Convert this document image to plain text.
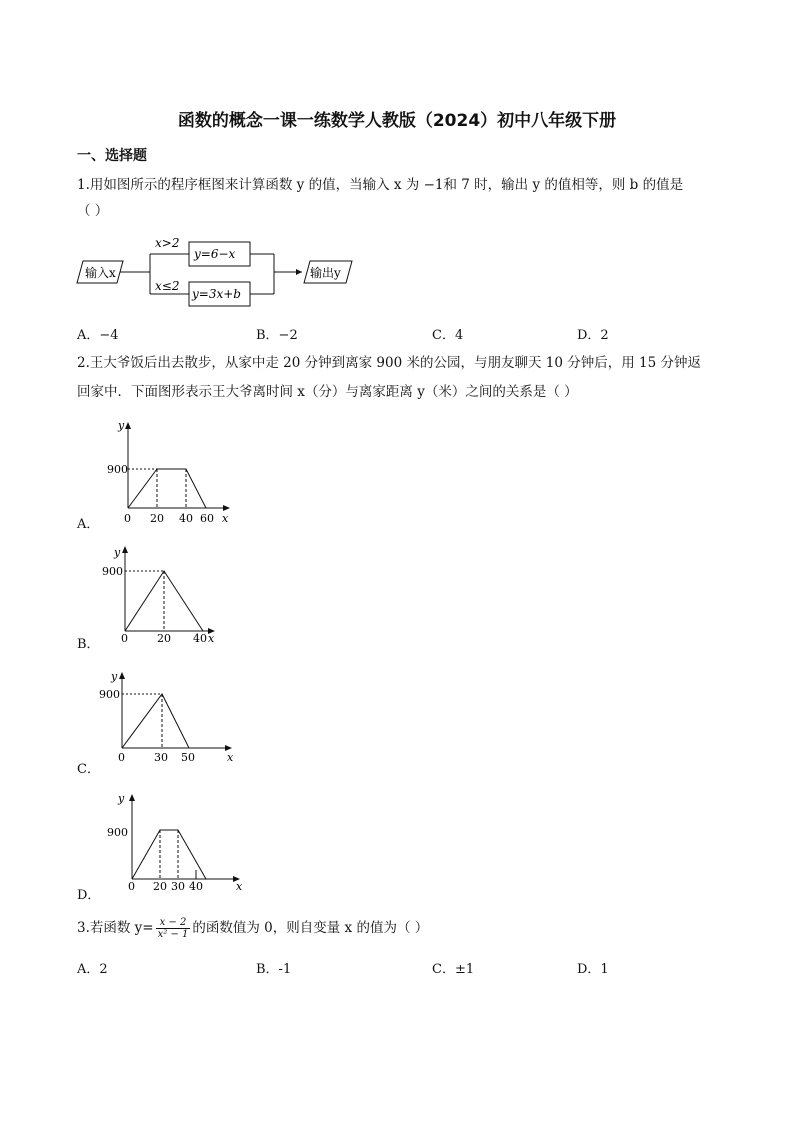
函数的概念一课一练数学人教版（2024）初中八年级下册
一、选择题
1.用如图所示的程序框图来计算函数 y 的值，当输入 x 为 −1和 7 时，输出 y 的值相等，则 b 的值是
（ ）
输入x
x>2
x≤2
y=6−x
y=3x+b
输出y
A．−4	B．−2	C．4	D．2
2.王大爷饭后出去散步，从家中走 20 分钟到离家 900 米的公园，与朋友聊天 10 分钟后，用 15 分钟返
回家中．下面图形表示王大爷离时间 x（分）与离家距离 y（米）之间的关系是（ ）
A．
y
900
0 20 40 60 x
B．
y
900
0	20 40 x
C．
y
900
0	30 50	x
D．
y
900
0 20 30 40	x
3.若函数 $y= \frac{x - 2}{\text{x² − 1}}$ 的函数值为 0，则自变量 x 的值为（ ）
A．2	B．-1	C．±1	D．1
